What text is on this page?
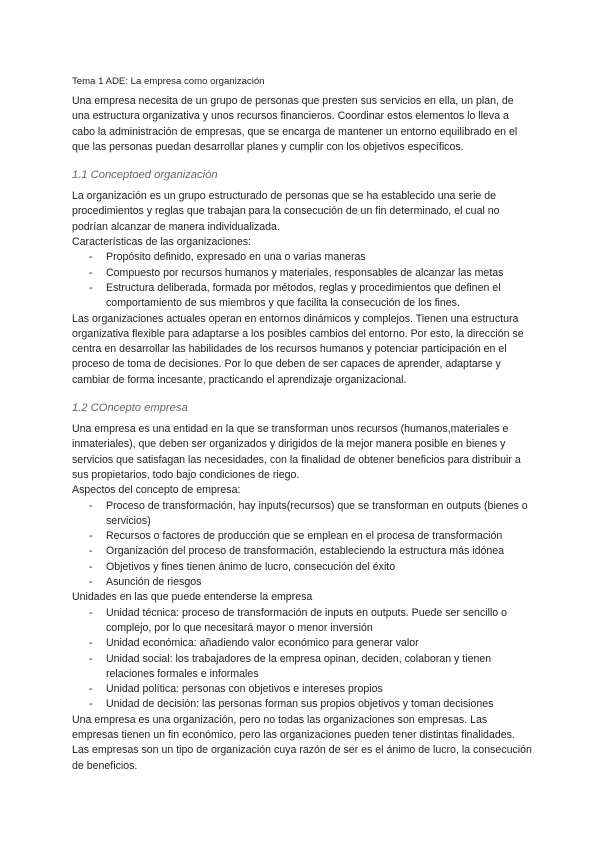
Tema 1 ADE: La empresa como organización

Una empresa necesita de un grupo de personas que presten sus servicios en ella, un plan, de una estructura organizativa y unos recursos financieros. Coordinar estos elementos lo lleva a cabo la administración de empresas, que se encarga de mantener un entorno equilibrado en el que las personas puedan desarrollar planes y cumplir con los objetivos específicos.

1.1 Conceptoed organización

La organización es un grupo estructurado de personas que se ha establecido una serie de procedimientos y reglas que trabajan para la consecución de un fin determinado, el cual no podrían alcanzar de manera individualizada.

Características de las organizaciones:

- Propósito definido, expresado en una o varias maneras
- Compuesto por recursos humanos y materiales, responsables de alcanzar las metas
- Estructura deliberada, formada por métodos, reglas y procedimientos que definen el comportamiento de sus miembros y que facilita la consecución de los fines.

Las organizaciones actuales operan en entornos dinámicos y complejos. Tienen una estructura organizativa flexible para adaptarse a los posibles cambios del entorno. Por esto, la dirección se centra en desarrollar las habilidades de los recursos humanos y potenciar participación en el proceso de toma de decisiones. Por lo que deben de ser capaces de aprender, adaptarse y cambiar de forma incesante, practicando el aprendizaje organizacional.

1.2 COncepto empresa

Una empresa es una entidad en la que se transforman unos recursos (humanos,materiales e inmateriales), que deben ser organizados y dirigidos de la mejor manera posible en bienes y servicios que satisfagan las necesidades, con la finalidad de obtener beneficios para distribuir a sus propietarios, todo bajo condiciones de riego.

Aspectos del concepto de empresa:

- Proceso de transformación, hay inputs(recursos) que se transforman en outputs (bienes o servicios)
- Recursos o factores de producción que se emplean en el procesa de transformación
- Organización del proceso de transformación, estableciendo la estructura más idónea
- Objetivos y fines tienen ánimo de lucro, consecución del éxito
- Asunción de riesgos

Unidades en las que puede entenderse la empresa

- Unidad técnica: proceso de transformación de inputs en outputs. Puede ser sencillo o complejo, por lo que necesitará mayor o menor inversión
- Unidad económica: añadiendo valor económico para generar valor
- Unidad social: los trabajadores de la empresa opinan, deciden, colaboran y tienen relaciones formales e informales
- Unidad política: personas con objetivos e intereses propios
- Unidad de decisión: las personas forman sus propios objetivos y toman decisiones

Una empresa es una organización, pero no todas las organizaciones son empresas. Las empresas tienen un fin económico, pero las organizaciones pueden tener distintas finalidades. Las empresas son un tipo de organización cuya razón de ser es el ánimo de lucro, la consecución de beneficios.
